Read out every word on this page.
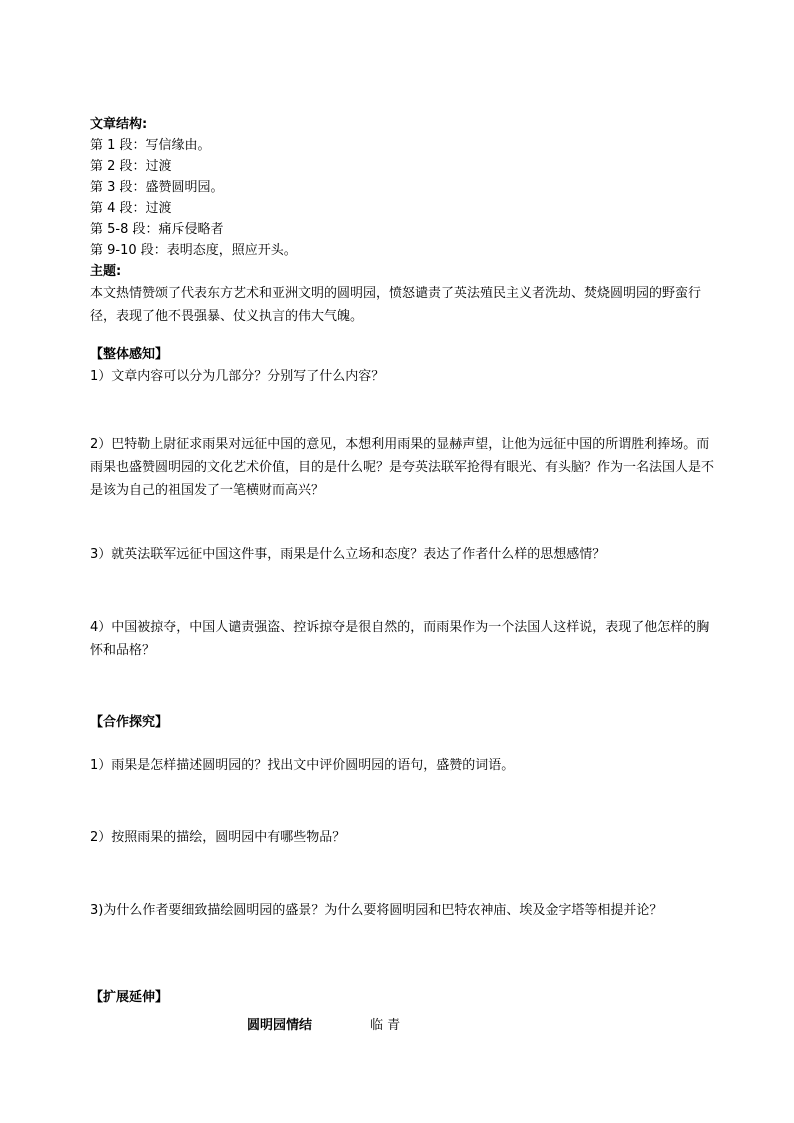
文章结构:
第 1 段：写信缘由。
第 2 段：过渡
第 3 段：盛赞圆明园。
第 4 段：过渡
第 5-8 段：痛斥侵略者
第 9-10 段：表明态度，照应开头。
主题:
本文热情赞颂了代表东方艺术和亚洲文明的圆明园，愤怒谴责了英法殖民主义者洗劫、焚烧圆明园的野蛮行径，表现了他不畏强暴、仗义执言的伟大气魄。
【整体感知】
1）文章内容可以分为几部分？分别写了什么内容？
2）巴特勒上尉征求雨果对远征中国的意见，本想利用雨果的显赫声望，让他为远征中国的所谓胜利捧场。而雨果也盛赞圆明园的文化艺术价值，目的是什么呢？是夸英法联军抢得有眼光、有头脑？作为一名法国人是不是该为自己的祖国发了一笔横财而高兴？
3）就英法联军远征中国这件事，雨果是什么立场和态度？表达了作者什么样的思想感情？
4）中国被掠夺，中国人谴责强盗、控诉掠夺是很自然的，而雨果作为一个法国人这样说，表现了他怎样的胸怀和品格？
【合作探究】
1）雨果是怎样描述圆明园的？找出文中评价圆明园的语句，盛赞的词语。
2）按照雨果的描绘，圆明园中有哪些物品？
3)为什么作者要细致描绘圆明园的盛景？为什么要将圆明园和巴特农神庙、埃及金字塔等相提并论？
【扩展延伸】
圆明园情结	临 青
